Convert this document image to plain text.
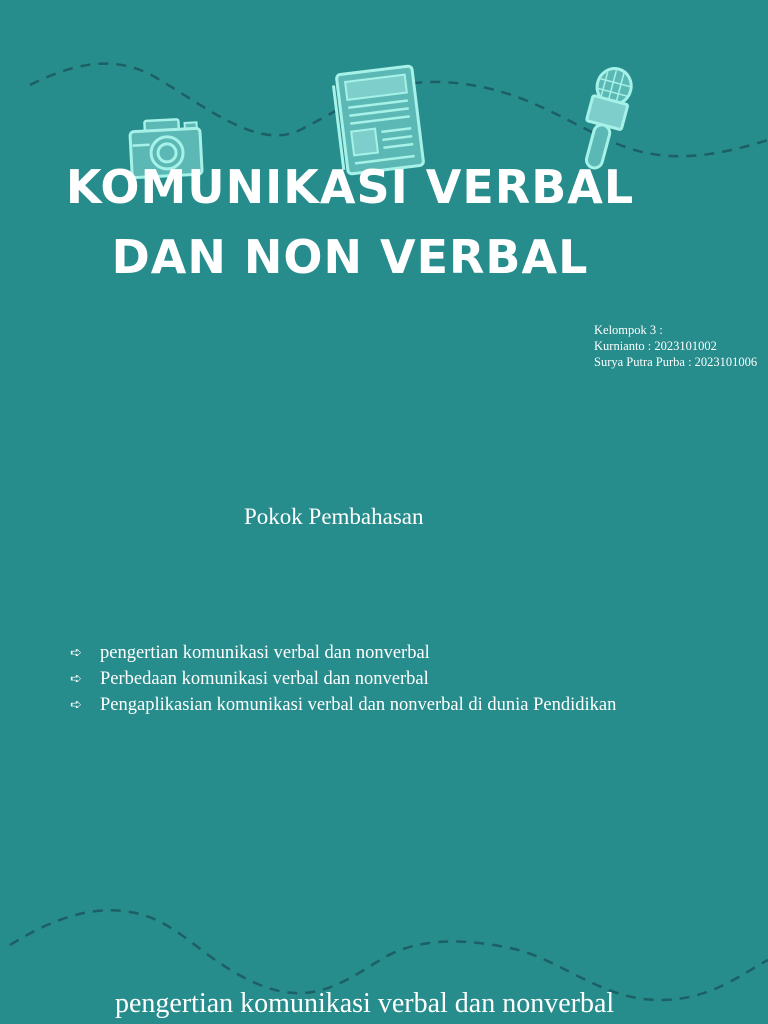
KOMUNIKASI VERBAL DAN NON VERBAL
Kelompok 3 :
Kurnianto : 2023101002
Surya Putra Purba : 2023101006
Pokok Pembahasan
➪ pengertian komunikasi verbal dan nonverbal
➪ Perbedaan komunikasi verbal dan nonverbal
➪ Pengaplikasian komunikasi verbal dan nonverbal di dunia Pendidikan
pengertian komunikasi verbal dan nonverbal
